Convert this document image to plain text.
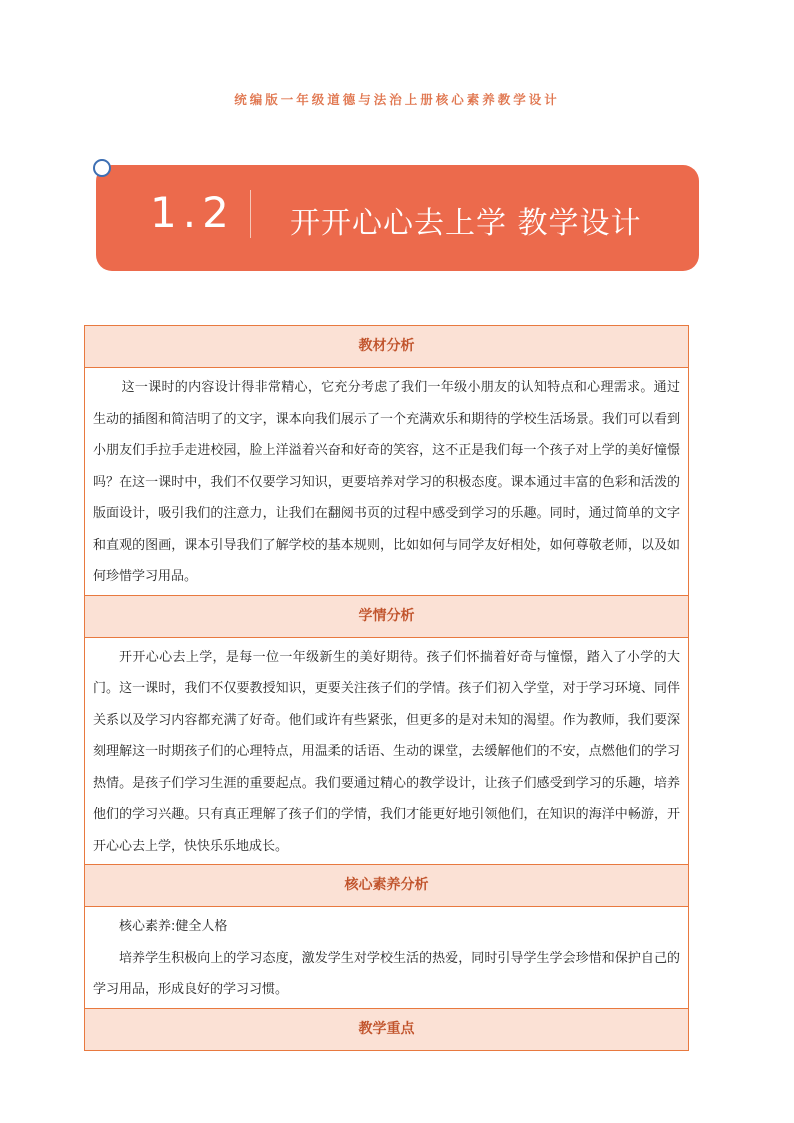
统编版一年级道德与法治上册核心素养教学设计
1.2 开开心心去上学 教学设计
教材分析

这一课时的内容设计得非常精心，它充分考虑了我们一年级小朋友的认知特点和心理需求。通过生动的插图和简洁明了的文字，课本向我们展示了一个充满欢乐和期待的学校生活场景。我们可以看到小朋友们手拉手走进校园，脸上洋溢着兴奋和好奇的笑容，这不正是我们每一个孩子对上学的美好憧憬吗？在这一课时中，我们不仅要学习知识，更要培养对学习的积极态度。课本通过丰富的色彩和活泼的版面设计，吸引我们的注意力，让我们在翻阅书页的过程中感受到学习的乐趣。同时，通过简单的文字和直观的图画，课本引导我们了解学校的基本规则，比如如何与同学友好相处，如何尊敬老师，以及如何珍惜学习用品。

学情分析

开开心心去上学，是每一位一年级新生的美好期待。孩子们怀揣着好奇与憧憬，踏入了小学的大门。这一课时，我们不仅要教授知识，更要关注孩子们的学情。孩子们初入学堂，对于学习环境、同伴关系以及学习内容都充满了好奇。他们或许有些紧张，但更多的是对未知的渴望。作为教师，我们要深刻理解这一时期孩子们的心理特点，用温柔的话语、生动的课堂，去缓解他们的不安，点燃他们的学习热情。是孩子们学习生涯的重要起点。我们要通过精心的教学设计，让孩子们感受到学习的乐趣，培养他们的学习兴趣。只有真正理解了孩子们的学情，我们才能更好地引领他们，在知识的海洋中畅游，开开心心去上学，快快乐乐地成长。

核心素养分析

核心素养:健全人格

培养学生积极向上的学习态度，激发学生对学校生活的热爱，同时引导学生学会珍惜和保护自己的学习用品，形成良好的学习习惯。

教学重点
